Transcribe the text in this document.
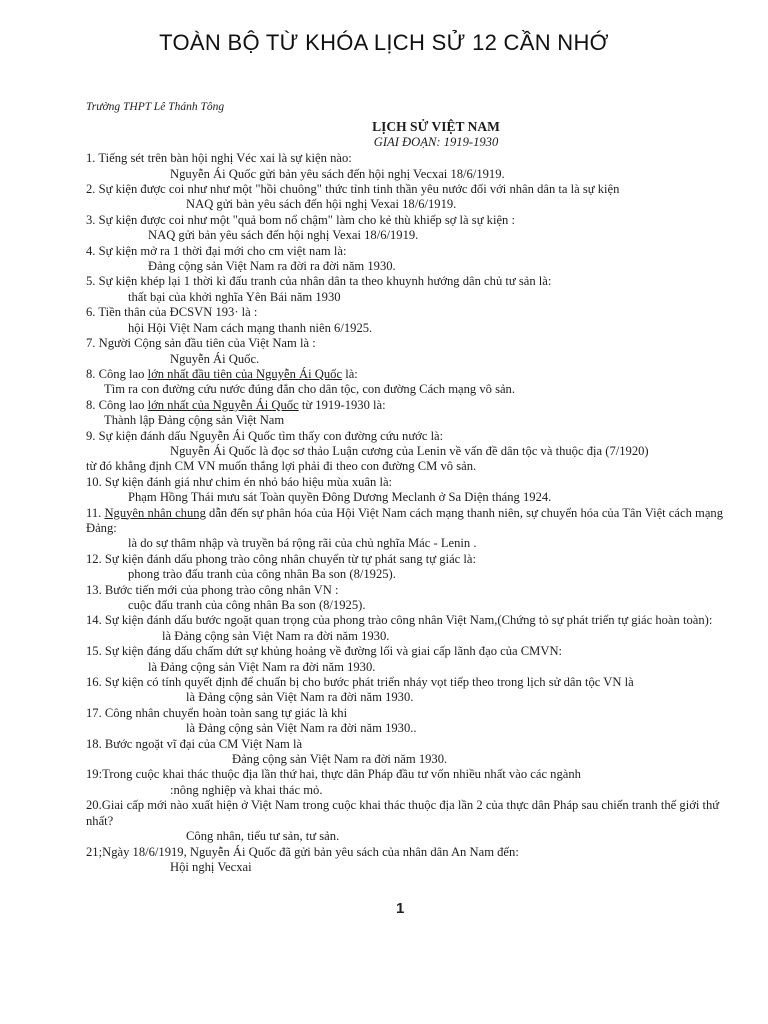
TOÀN BỘ TỪ KHÓA LỊCH SỬ 12 CẦN NHỚ
Trường THPT Lê Thánh Tông
LỊCH SỬ VIỆT NAM
GIAI ĐOẠN: 1919-1930
1. Tiếng sét trên bàn hội nghị Véc xai là sự kiện nào:
Nguyễn Ái Quốc gửi bản yêu sách đến hội nghị Vecxai 18/6/1919.
2. Sự kiện được coi như như một "hồi chuông" thức tỉnh tinh thần yêu nước đối với nhân dân ta là sự kiện
NAQ gửi bản yêu sách đến hội nghị Vexai 18/6/1919.
3. Sự kiện được coi như một "quả bom nổ chậm" làm cho kẻ thù khiếp sợ là sự kiện :
NAQ gửi bản yêu sách đến hội nghị Vexai 18/6/1919.
4. Sự kiện mở ra 1 thời đại mới cho cm việt nam là:
Đảng cộng sản Việt Nam ra đời ra đời năm 1930.
5. Sự kiện khép lại 1 thời kì đấu tranh của nhân dân ta theo khuynh hướng dân chủ tư sản là:
thất bại của khởi nghĩa Yên Bái năm 1930
6. Tiền thân của ĐCSVN 193· là :
hội Hội Việt Nam cách mạng thanh niên 6/1925.
7. Người Cộng sản đầu tiên của Việt Nam là :
Nguyễn Ái Quốc.
8. Công lao lớn nhất đầu tiên của Nguyễn Ái Quốc là:
Tìm ra con đường cứu nước đúng đắn cho dân tộc, con đường Cách mạng vô sản.
8. Công lao lớn nhất của Nguyễn Ái Quốc từ 1919-1930 là:
Thành lập Đảng cộng sản Việt Nam
9. Sự kiện đánh dấu Nguyễn Ái Quốc tìm thấy con đường cứu nước là:
Nguyễn Ái Quốc là đọc sơ thảo Luận cương của Lenin về vấn đề dân tộc và thuộc địa (7/1920)
từ đó khẳng định CM VN muốn thắng lợi phải đi theo con đường CM vô sản.
10. Sự kiện đánh giá như chim én nhỏ báo hiệu mùa xuân là:
Phạm Hồng Thái mưu sát Toàn quyền Đông Dương Meclanh ở Sa Diện tháng 1924.
11. Nguyên nhân chung dẫn đến sự phân hóa của Hội Việt Nam cách mạng thanh niên, sự chuyển hóa của Tân Việt cách mạng Đảng:
là do sự thâm nhập và truyền bá rộng rãi của chủ nghĩa Mác - Lenin .
12. Sự kiện đánh dấu phong trào công nhân chuyển từ tự phát sang tự giác là:
phong trào đấu tranh của công nhân Ba son (8/1925).
13. Bước tiến mới của phong trào công nhân VN :
cuộc đấu tranh của công nhân Ba son (8/1925).
14. Sự kiện đánh dấu bước ngoặt quan trọng của phong trào công nhân Việt Nam,(Chứng tỏ sự phát triển tự giác hoàn toàn):
là Đảng cộng sản Việt Nam ra đời năm 1930.
15. Sự kiện đáng dấu chấm dứt sự khủng hoảng về đường lối và giai cấp lãnh đạo của CMVN:
là Đảng cộng sản Việt Nam ra đời năm 1930.
16. Sự kiện có tính quyết định để chuẩn bị cho bước phát triển nháy vọt tiếp theo trong lịch sử dân tộc VN là
là Đảng cộng sản Việt Nam ra đời năm 1930.
17. Công nhân chuyển hoàn toàn sang tự giác là khi
là Đảng cộng sản Việt Nam ra đời năm 1930..
18. Bước ngoặt vĩ đại của CM Việt Nam là
Đảng cộng sản Việt Nam ra đời năm 1930.
19:Trong cuộc khai thác thuộc địa lần thứ hai, thực dân Pháp đầu tư vốn nhiều nhất vào các ngành
:nông nghiệp và khai thác mỏ.
20.Giai cấp mới nào xuất hiện ở Việt Nam trong cuộc khai thác thuộc địa lần 2 của thực dân Pháp sau chiến tranh thế giới thứ nhất?
Công nhân, tiểu tư sản, tư sản.
21;Ngày 18/6/1919, Nguyễn Ái Quốc đã gửi bản yêu sách của nhân dân An Nam đến:
Hội nghị Vecxai
1
